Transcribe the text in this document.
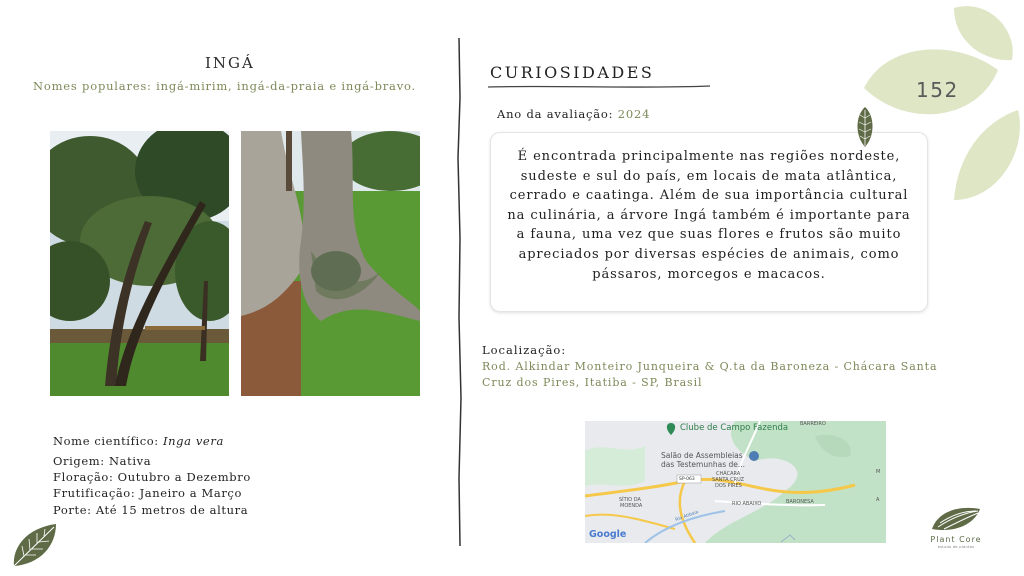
INGÁ
Nomes populares: ingá-mirim, ingá-da-praia e ingá-bravo.
Nome científico: Inga vera
Origem: Nativa
Floração: Outubro a Dezembro
Frutificação: Janeiro a Março
Porte: Até 15 metros de altura
CURIOSIDADES
Ano da avaliação: 2024
É encontrada principalmente nas regiões nordeste, sudeste e sul do país, em locais de mata atlântica, cerrado e caatinga. Além de sua importância cultural na culinária, a árvore Ingá também é importante para a fauna, uma vez que suas flores e frutos são muito apreciados por diversas espécies de animais, como pássaros, morcegos e macacos.
Localização:
Rod. Alkindar Monteiro Junqueira & Q.ta da Baroneza - Chácara Santa Cruz dos Pires, Itatiba - SP, Brasil
Clube de Campo Fazenda
Salão de Assembleias
das Testemunhas de...
BARREIRO
CHÁCARA
SANTA CRUZ
DOS PIRES
SÍTIO DA
MOENDA	RIO ABAIXO	BARONESA
SP-063
Rio Atibaia
M
A
Google
152
Plant Core
estudo de plantas
